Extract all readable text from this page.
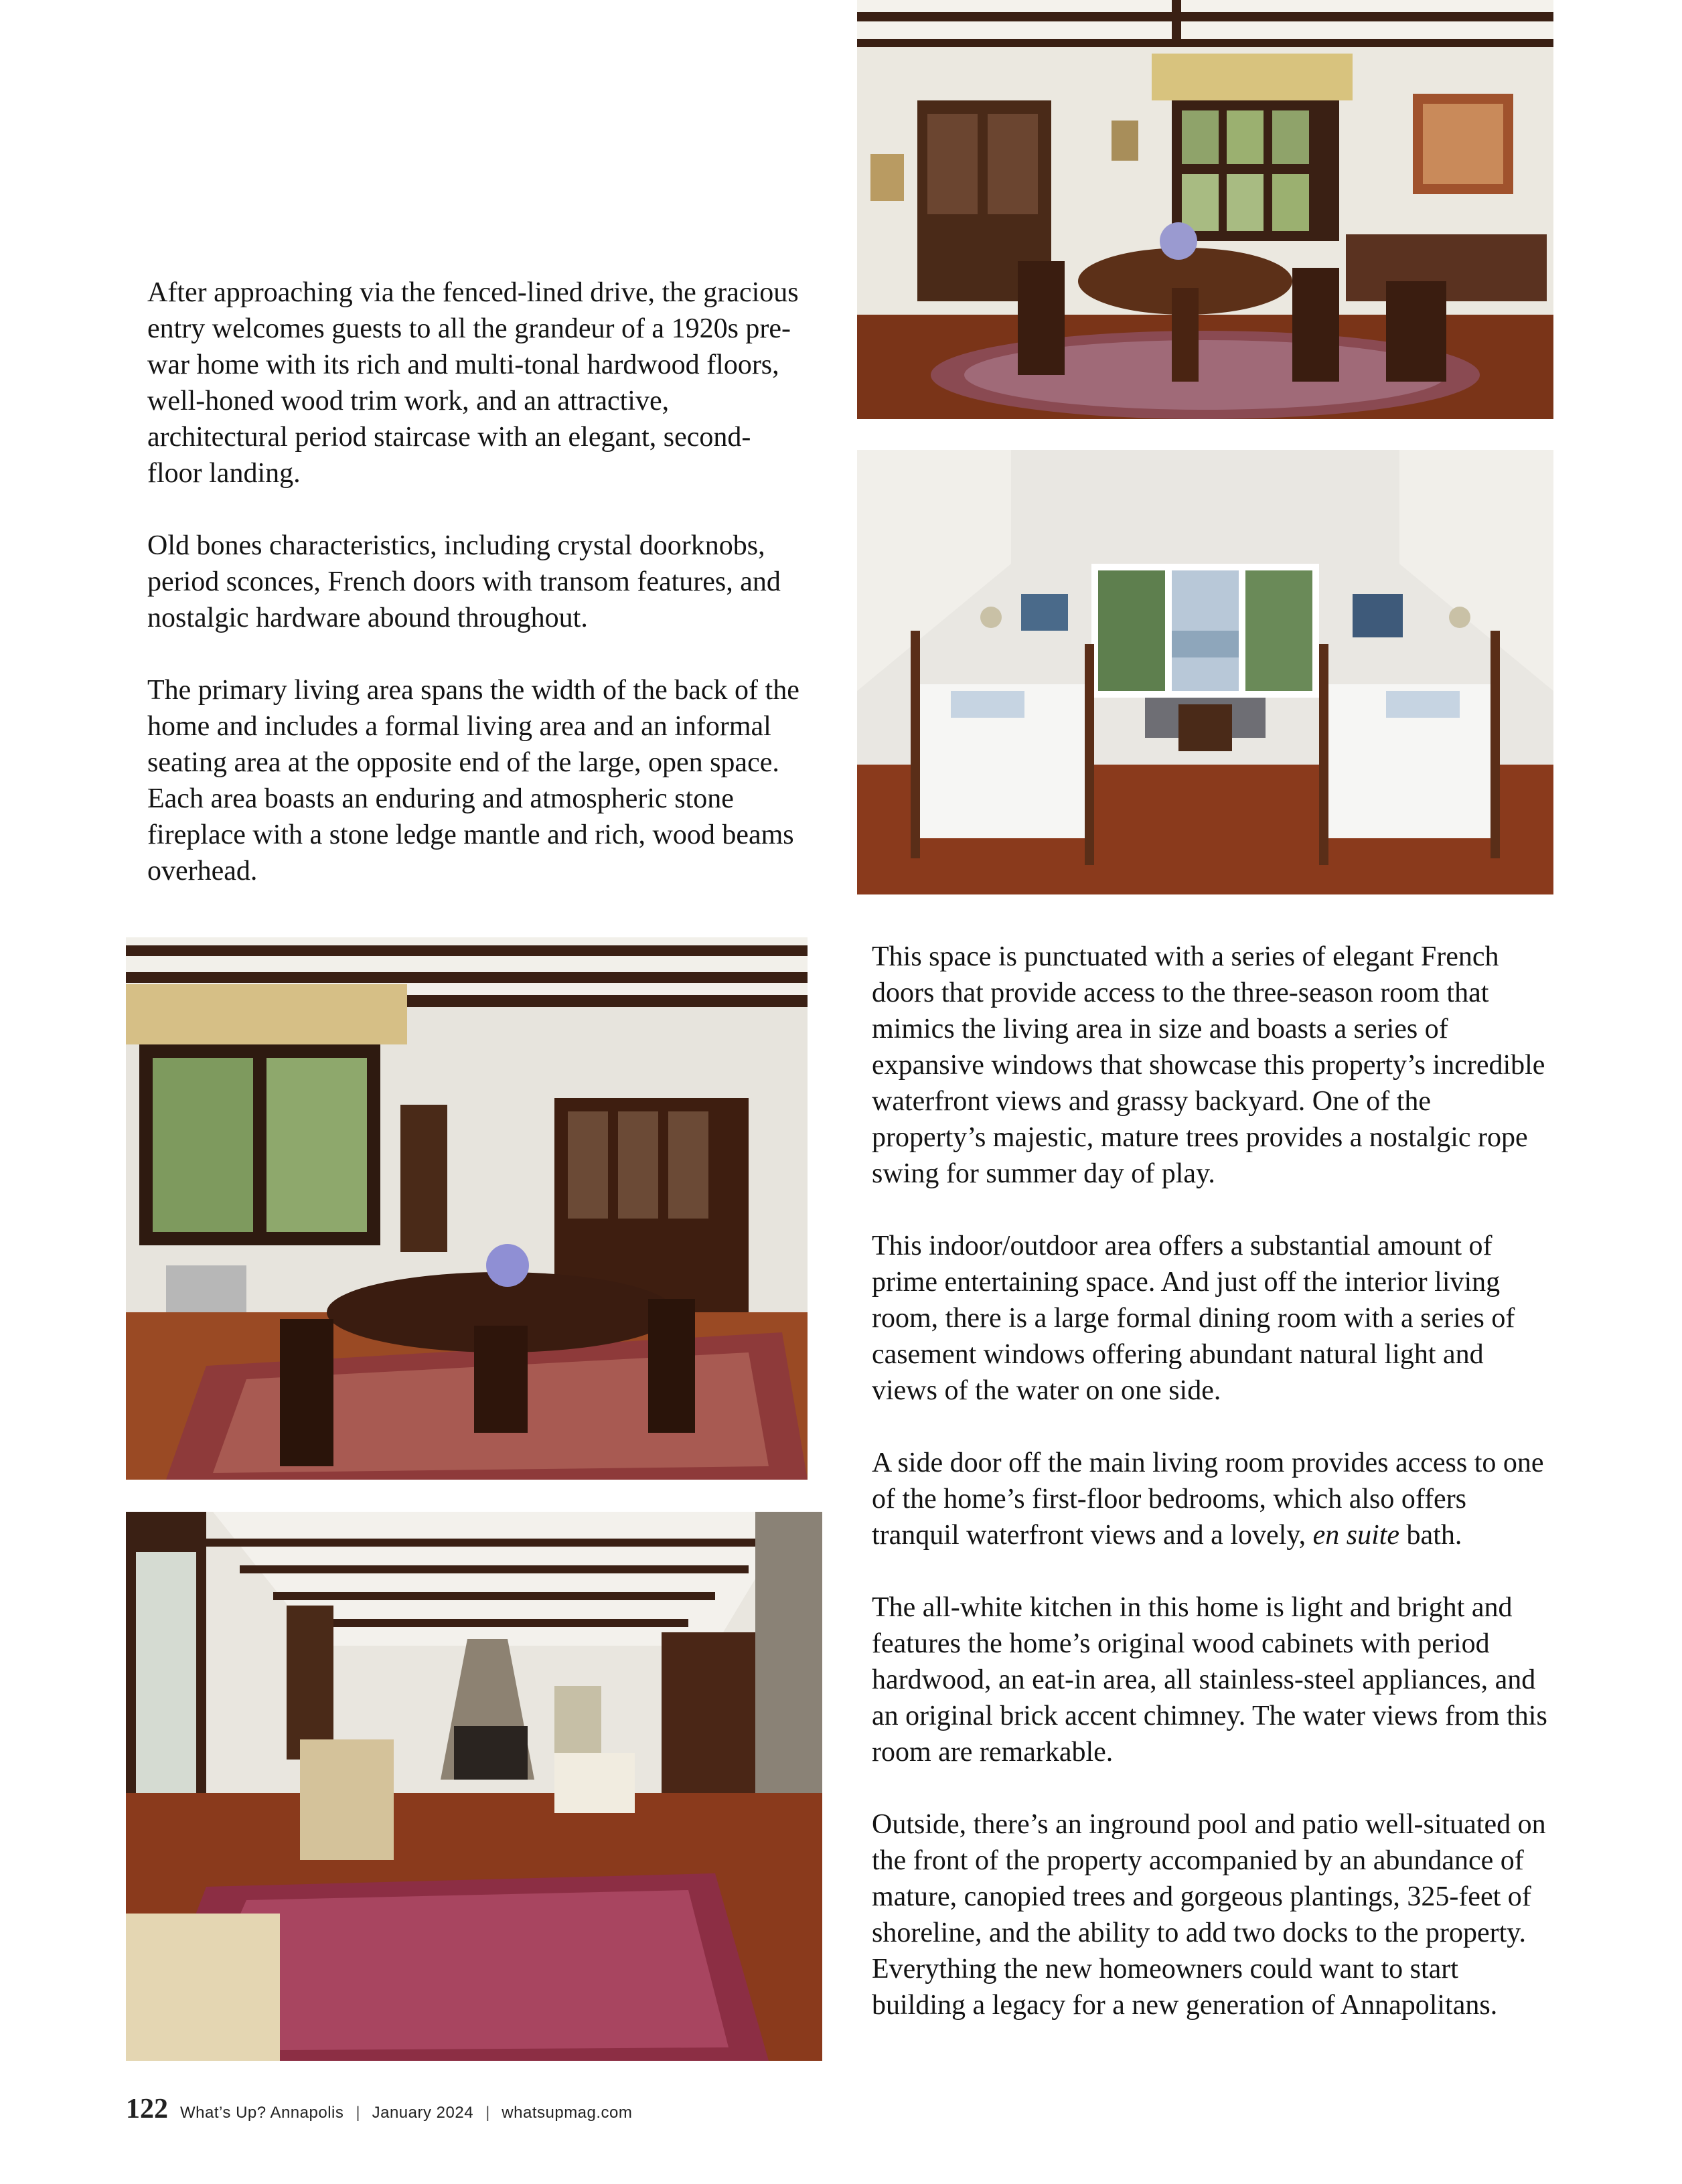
After approaching via the fenced-lined drive, the gracious entry welcomes guests to all the grandeur of a 1920s pre-war home with its rich and multi-tonal hardwood floors, well-honed wood trim work, and an attractive, architectural period staircase with an elegant, second-floor landing.

Old bones characteristics, including crystal doorknobs, period sconces, French doors with transom features, and nostalgic hardware abound throughout.

The primary living area spans the width of the back of the home and includes a formal living area and an informal seating area at the opposite end of the large, open space. Each area boasts an enduring and atmospheric stone fireplace with a stone ledge mantle and rich, wood beams overhead.

This space is punctuated with a series of elegant French doors that provide access to the three-season room that mimics the living area in size and boasts a series of expansive windows that showcase this property’s incredible waterfront views and grassy backyard. One of the property’s majestic, mature trees provides a nostalgic rope swing for summer day of play.

This indoor/outdoor area offers a substantial amount of prime entertaining space. And just off the interior living room, there is a large formal dining room with a series of casement windows offering abundant natural light and views of the water on one side.

A side door off the main living room provides access to one of the home’s first-floor bedrooms, which also offers tranquil waterfront views and a lovely, en suite bath.

The all-white kitchen in this home is light and bright and features the home’s original wood cabinets with period hardwood, an eat-in area, all stainless-steel appliances, and an original brick accent chimney. The water views from this room are remarkable.

Outside, there’s an inground pool and patio well-situated on the front of the property accompanied by an abundance of mature, canopied trees and gorgeous plantings, 325-feet of shoreline, and the ability to add two docks to the property. Everything the new homeowners could want to start building a legacy for a new generation of Annapolitans.

122 What’s Up? Annapolis | January 2024 | whatsupmag.com
